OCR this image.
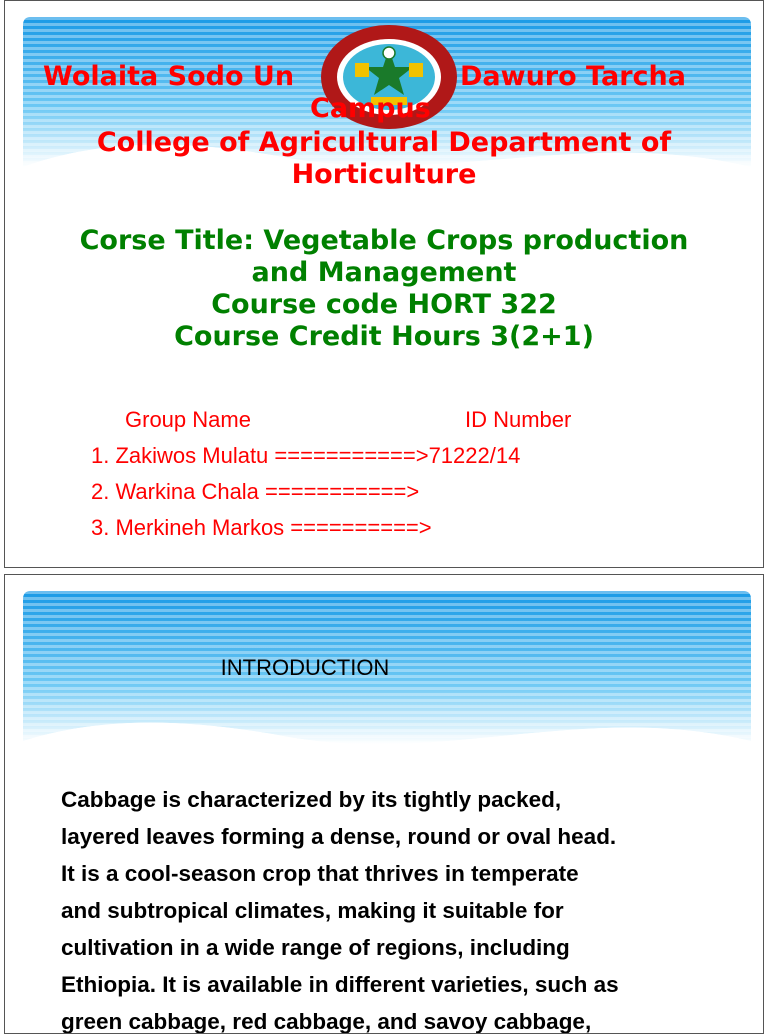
Wolaita Sodo Un	Dawuro Tarcha
Campus
College of Agricultural Department of
Horticulture
Corse Title: Vegetable Crops production
and Management
Course code HORT 322
Course Credit Hours 3(2+1)
Group Name	ID Number
1. Zakiwos Mulatu ===========>71222/14
2. Warkina Chala ===========>
3. Merkineh Markos ==========>
INTRODUCTION
Cabbage is characterized by its tightly packed,
layered leaves forming a dense, round or oval head.
It is a cool-season crop that thrives in temperate
and subtropical climates, making it suitable for
cultivation in a wide range of regions, including
Ethiopia. It is available in different varieties, such as
green cabbage, red cabbage, and savoy cabbage,
